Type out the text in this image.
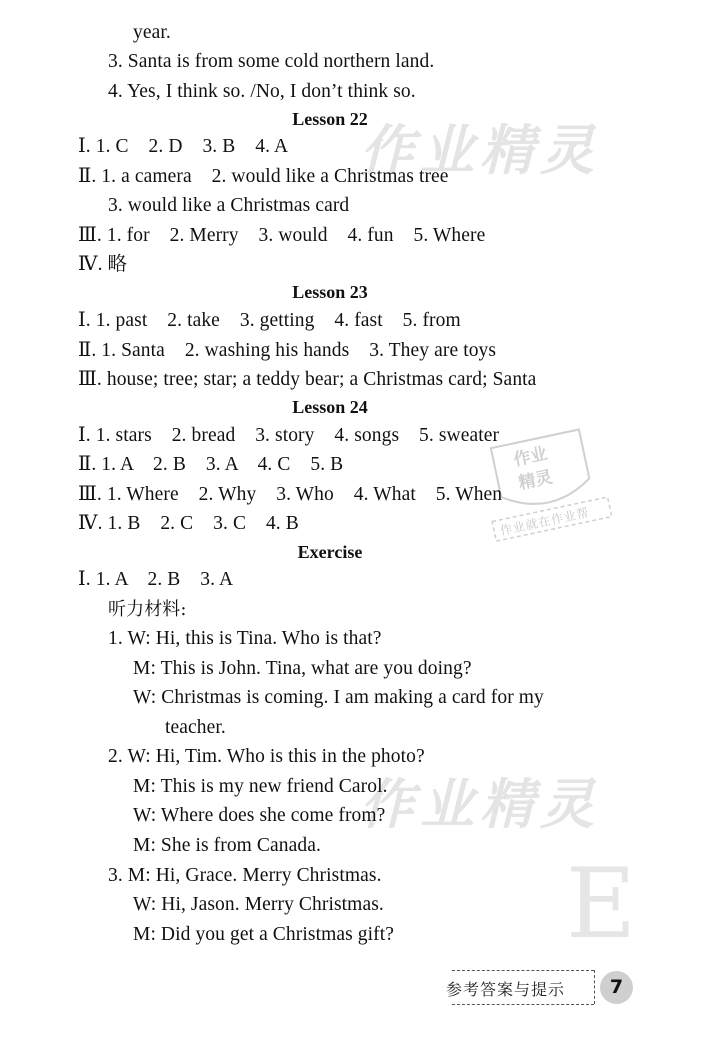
作业精灵
作业精灵
E
作业
精灵
作业就在作业帮
year.
3. Santa is from some cold northern land.
4. Yes, I think so. /No, I don’t think so.
Lesson 22
Ⅰ. 1. C    2. D    3. B    4. A
Ⅱ. 1. a camera    2. would like a Christmas tree
3. would like a Christmas card
Ⅲ. 1. for    2. Merry    3. would    4. fun    5. Where
Ⅳ. 略
Lesson 23
Ⅰ. 1. past    2. take    3. getting    4. fast    5. from
Ⅱ. 1. Santa    2. washing his hands    3. They are toys
Ⅲ. house; tree; star; a teddy bear; a Christmas card; Santa
Lesson 24
Ⅰ. 1. stars    2. bread    3. story    4. songs    5. sweater
Ⅱ. 1. A    2. B    3. A    4. C    5. B
Ⅲ. 1. Where    2. Why    3. Who    4. What    5. When
Ⅳ. 1. B    2. C    3. C    4. B
Exercise
Ⅰ. 1. A    2. B    3. A
听力材料:
1. W: Hi, this is Tina. Who is that?
M: This is John. Tina, what are you doing?
W: Christmas is coming. I am making a card for my
teacher.
2. W: Hi, Tim. Who is this in the photo?
M: This is my new friend Carol.
W: Where does she come from?
M: She is from Canada.
3. M: Hi, Grace. Merry Christmas.
W: Hi, Jason. Merry Christmas.
M: Did you get a Christmas gift?
参考答案与提示	7
